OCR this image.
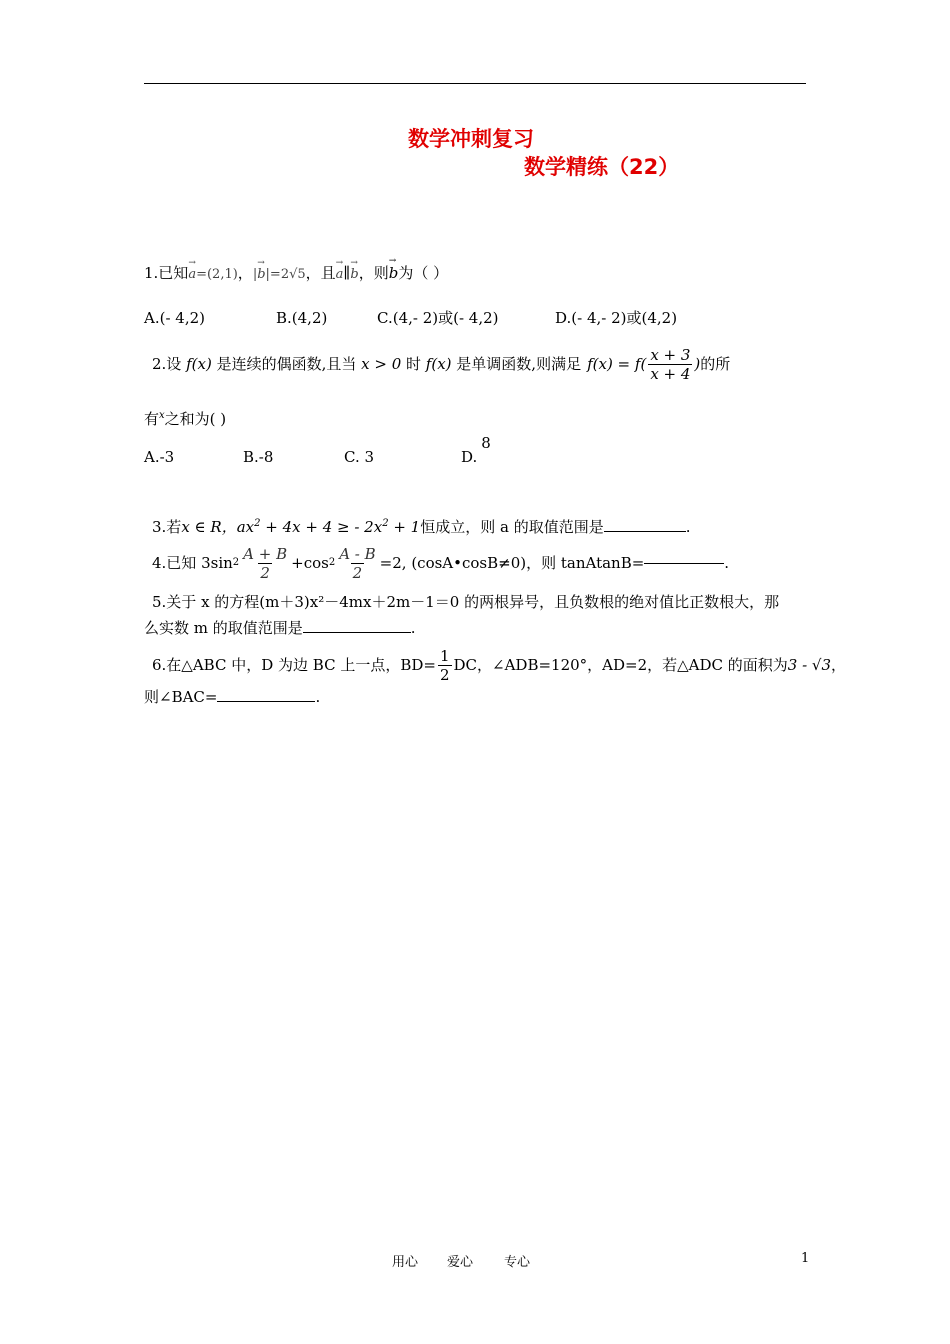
数学冲刺复习
数学精练（22）
1.已知→ a=(2,1)，|→ b|=2√5，且→ a∥→ b，则→ b为（ ）
A.(- 4,2)	B.(4,2)	C.(4,- 2)或(- 4,2)	D.(- 4,- 2)或(4,2)
2.设 f(x) 是连续的偶函数,且当 x > 0 时 f(x) 是单调函数,则满足 $f(x) = f( \frac{x + 3}{x + 4}$ ) 的所
有$^x$之和为( )
A.-3	B.-8	C. 3	D.8
3.若x ∈ R，$ax^2 + 4x + 4$ ≥ - $2x^2 + 1$恒成立，则 a 的取值范围是	.
4.已知 3sin $2 \frac{A + B}{2} +\cos$ $2 \frac{A - B}{2} =2$, (cosA•cosB≠0)，则 tanAtanB=	.
5.关于 x 的方程(m＋3)x²－4mx＋2m－1＝0 的两根异号，且负数根的绝对值比正数根大，那
么实数 m 的取值范围是	.
6.在△ABC 中，D 为边 BC 上一点，$BD= \frac{1}{2}$ DC，∠ADB=120°，AD=2，若△ADC 的面积为 3 - √3 ，
则∠BAC=	.
用心 爱心 专心	1
